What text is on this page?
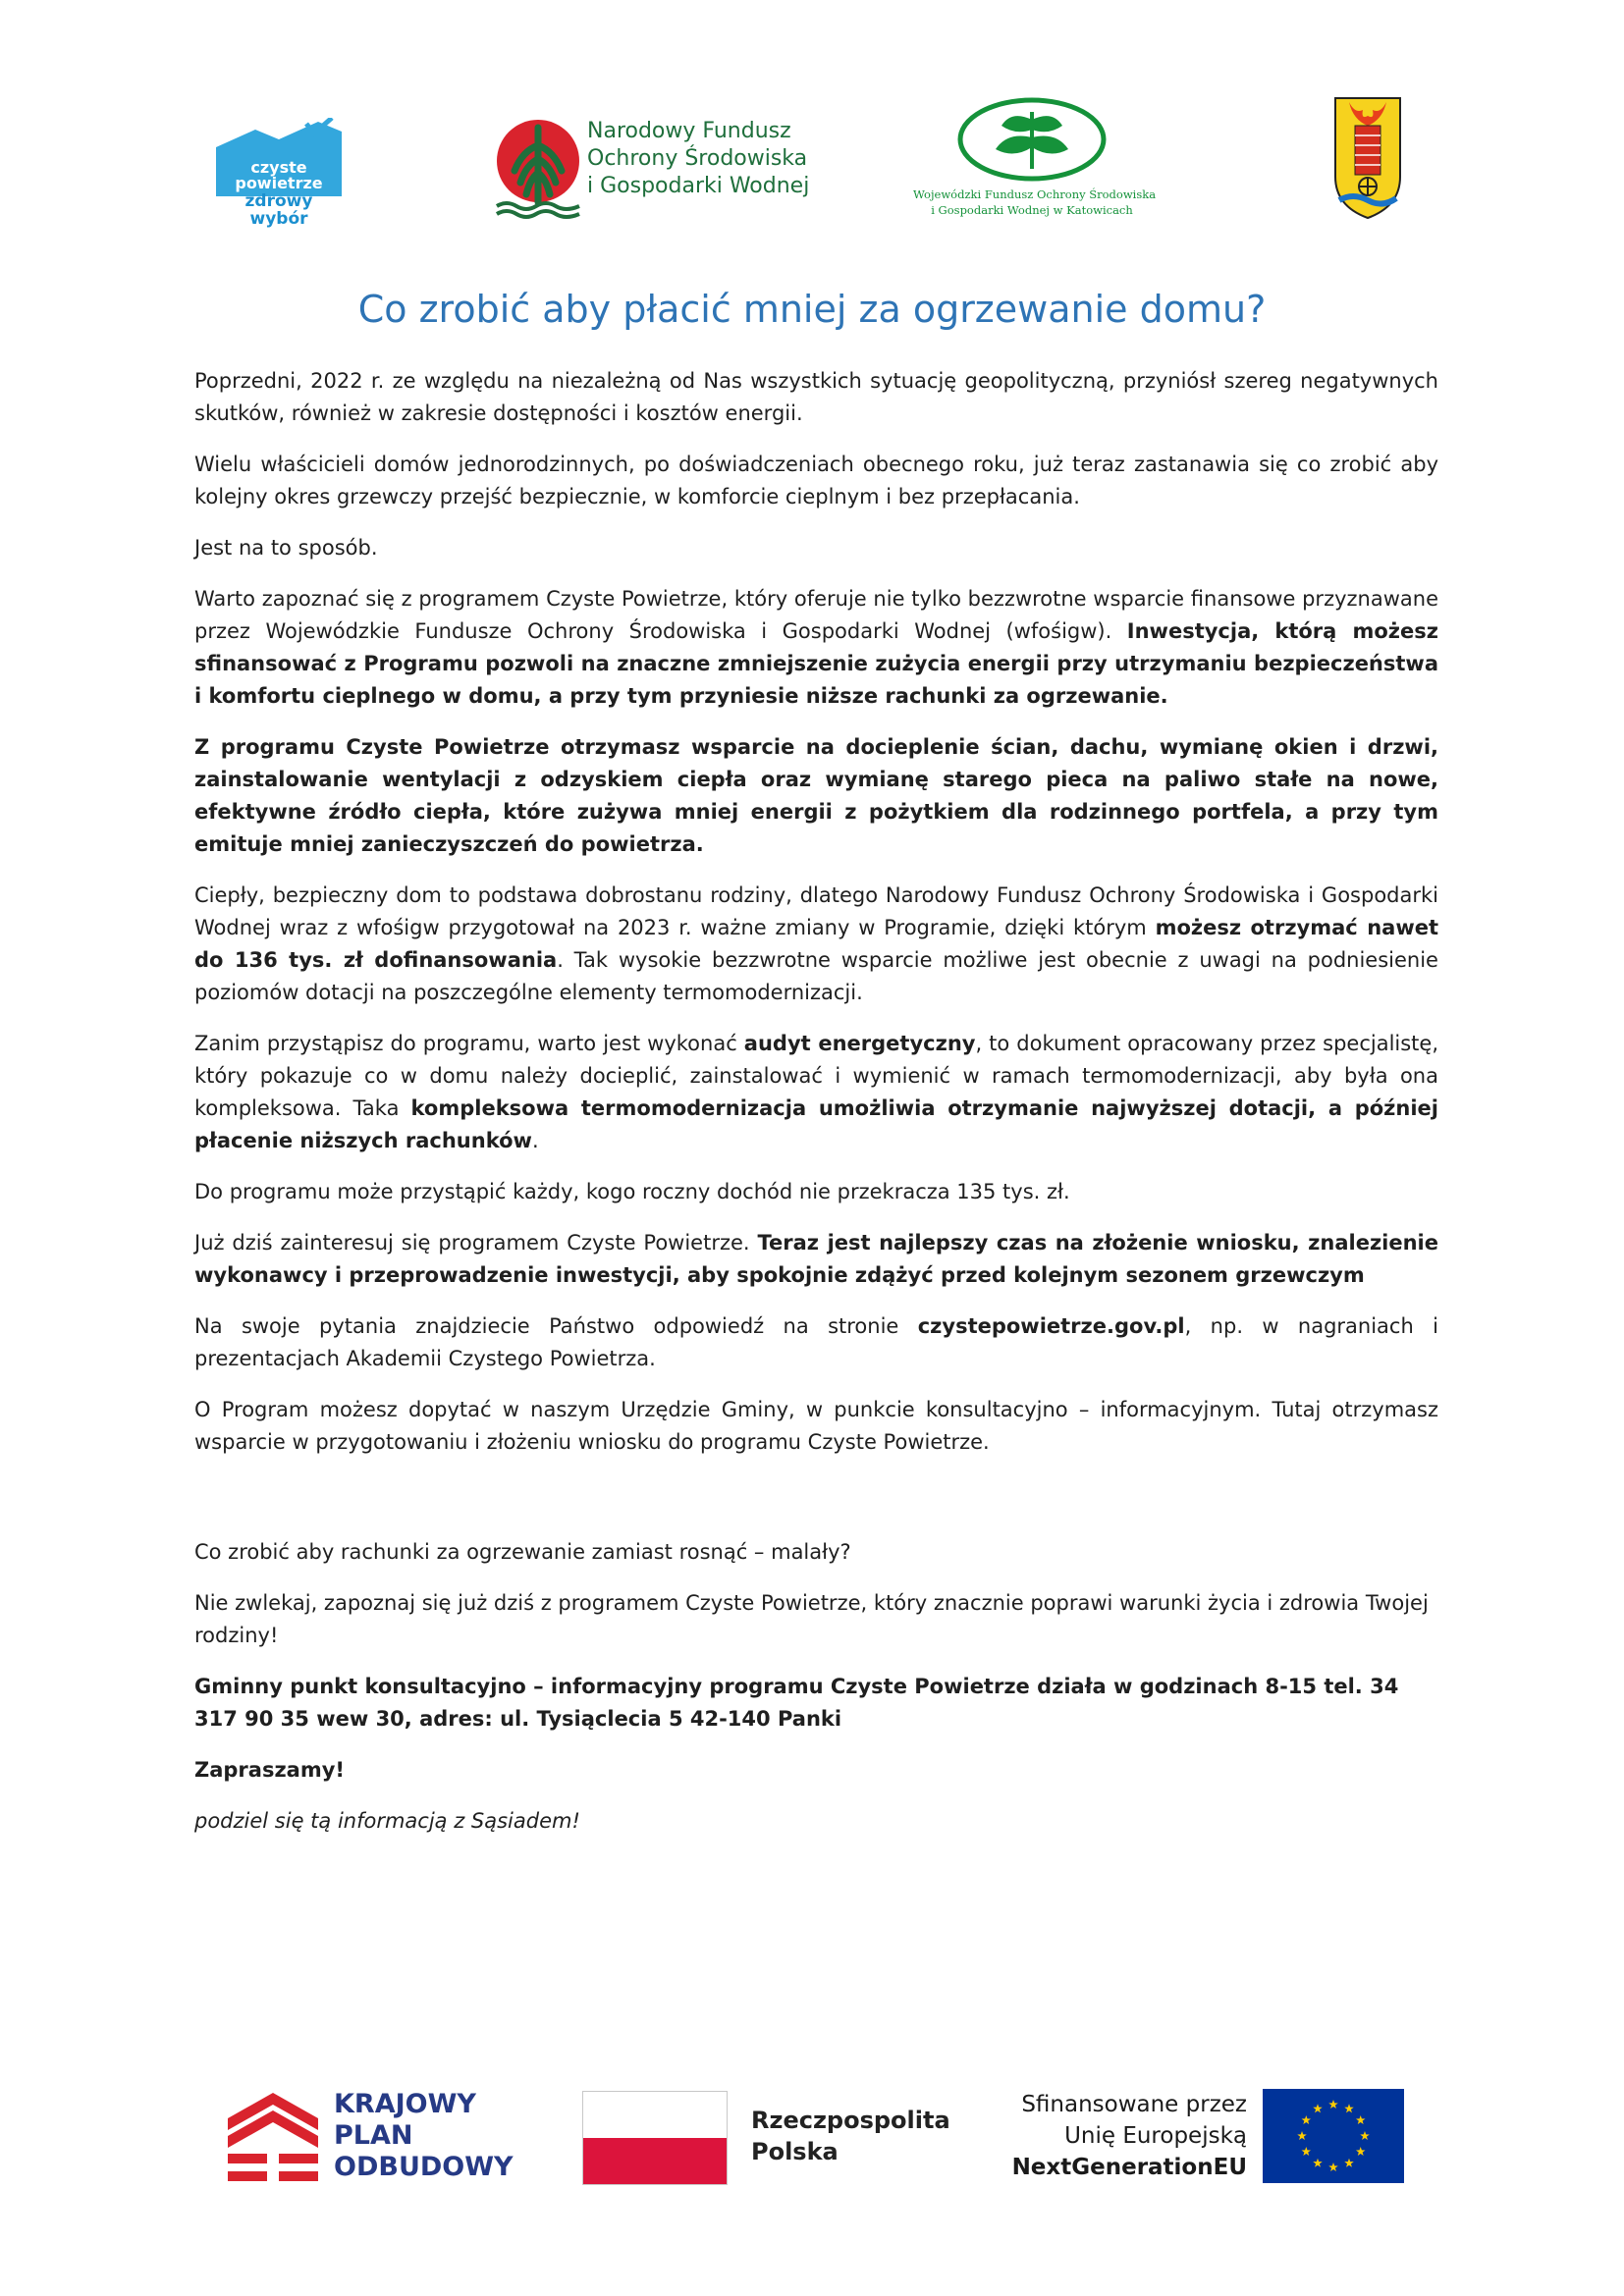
czyste powietrze
zdrowy wybór
Narodowy Fundusz
Ochrony Środowiska
i Gospodarki Wodnej	Wojewódzki Fundusz Ochrony Środowiska
i Gospodarki Wodnej w Katowicach
Co zrobić aby płacić mniej za ogrzewanie domu?

Poprzedni, 2022 r. ze względu na niezależną od Nas wszystkich sytuację geopolityczną, przyniósł szereg negatywnych skutków, również w zakresie dostępności i kosztów energii.

Wielu właścicieli domów jednorodzinnych, po doświadczeniach obecnego roku, już teraz zastanawia się co zrobić aby kolejny okres grzewczy przejść bezpiecznie, w komforcie cieplnym i bez przepłacania.

Jest na to sposób.

Warto zapoznać się z programem Czyste Powietrze, który oferuje nie tylko bezzwrotne wsparcie finansowe przyznawane przez Wojewódzkie Fundusze Ochrony Środowiska i Gospodarki Wodnej (wfośigw). Inwestycja, którą możesz sfinansować z Programu pozwoli na znaczne zmniejszenie zużycia energii przy utrzymaniu bezpieczeństwa i komfortu cieplnego w domu, a przy tym przyniesie niższe rachunki za ogrzewanie.

Z programu Czyste Powietrze otrzymasz wsparcie na docieplenie ścian, dachu, wymianę okien i drzwi, zainstalowanie wentylacji z odzyskiem ciepła oraz wymianę starego pieca na paliwo stałe na nowe, efektywne źródło ciepła, które zużywa mniej energii z pożytkiem dla rodzinnego portfela, a przy tym emituje mniej zanieczyszczeń do powietrza.

Ciepły, bezpieczny dom to podstawa dobrostanu rodziny, dlatego Narodowy Fundusz Ochrony Środowiska i Gospodarki Wodnej wraz z wfośigw przygotował na 2023 r. ważne zmiany w Programie, dzięki którym możesz otrzymać nawet do 136 tys. zł dofinansowania. Tak wysokie bezzwrotne wsparcie możliwe jest obecnie z uwagi na podniesienie poziomów dotacji na poszczególne elementy termomodernizacji.

Zanim przystąpisz do programu, warto jest wykonać audyt energetyczny, to dokument opracowany przez specjalistę, który pokazuje co w domu należy docieplić, zainstalować i wymienić w ramach termomodernizacji, aby była ona kompleksowa. Taka kompleksowa termomodernizacja umożliwia otrzymanie najwyższej dotacji, a później płacenie niższych rachunków.

Do programu może przystąpić każdy, kogo roczny dochód nie przekracza 135 tys. zł.

Już dziś zainteresuj się programem Czyste Powietrze. Teraz jest najlepszy czas na złożenie wniosku, znalezienie wykonawcy i przeprowadzenie inwestycji, aby spokojnie zdążyć przed kolejnym sezonem grzewczym

Na swoje pytania znajdziecie Państwo odpowiedź na stronie czystepowietrze.gov.pl, np. w nagraniach i prezentacjach Akademii Czystego Powietrza.

O Program możesz dopytać w naszym Urzędzie Gminy, w punkcie konsultacyjno – informacyjnym. Tutaj otrzymasz wsparcie w przygotowaniu i złożeniu wniosku do programu Czyste Powietrze.

Co zrobić aby rachunki za ogrzewanie zamiast rosnąć – malały?

Nie zwlekaj, zapoznaj się już dziś z programem Czyste Powietrze, który znacznie poprawi warunki życia i zdrowia Twojej rodziny!

Gminny punkt konsultacyjno – informacyjny programu Czyste Powietrze działa w godzinach 8-15 tel. 34 317 90 35 wew 30, adres: ul. Tysiąclecia 5 42-140 Panki

Zapraszamy!

podziel się tą informacją z Sąsiadem!

KRAJOWY
PLAN
ODBUDOWY
Rzeczpospolita
Polska
Sfinansowane przez
Unię Europejską
NextGenerationEU
